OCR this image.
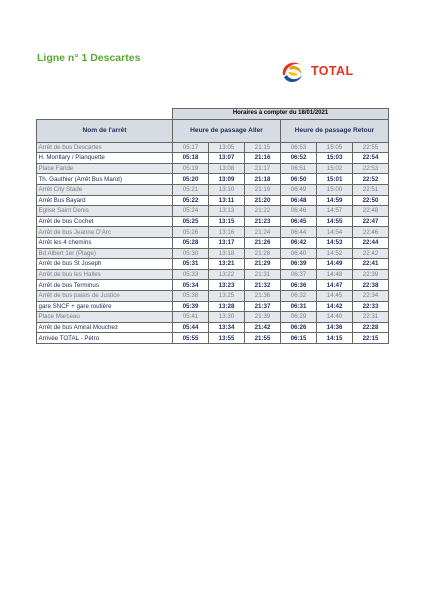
Ligne n° 1 Descartes
TOTAL
	Horaires à compter du 18/01/2021					
Nom de l'arrêt	Heure de passage Aller			Heure de passage Retour		
Arrêt de bus Descartes	05:17	13:05	21:15	06:53	15:05	22:55
H. Montlary / Planquette	05:18	13:07	21:16	06:52	15:03	22:54
Place Faride	05:19	13:08	21:17	06:51	15:02	22:53
Th. Gauthier (Arrêt Bus Marot)	05:20	13:09	21:18	06:50	15:01	22:52
Arrêt City Stade	05:21	13:10	21:19	06:49	15:00	22:51
Arrêt Bus Bayard	05:22	13:11	21:20	06:48	14:59	22:50
Eglise Saint Denis	05:24	13:13	21:22	06:46	14:57	22:48
Arrêt de bus Cochet	05:25	13:15	21:23	06:45	14:55	22:47
Arrêt de bus Jeanne D'Arc	05:26	13:16	21:24	06:44	14:54	22:46
Arrêt les 4 chemins	05:28	13:17	21:26	06:42	14:53	22:44
Bd Albert 1er (Plage)	05:30	13:18	21:28	06:40	14:52	22:42
Arrêt de bus St Joseph	05:31	13:21	21:29	06:39	14:49	22:41
Arrêt de bus les Halles	05:33	13:22	21:31	06:37	14:48	22:39
Arrêt de bus Terminus	05:34	13:23	21:32	06:36	14:47	22:38
Arrêt de bus palais de Justice	05:38	13:25	21:36	06:32	14:45	22:34
gare SNCF + gare routière	05:39	13:28	21:37	06:31	14:42	22:33
Place Marceau	05:41	13:30	21:39	06:29	14:40	22:31
Arrêt de bus Amiral Mouchez	05:44	13:34	21:42	06:26	14:36	22:28
Arrivée TOTAL - Pétro	05:55	13:55	21:55	06:15	14:15	22:15
